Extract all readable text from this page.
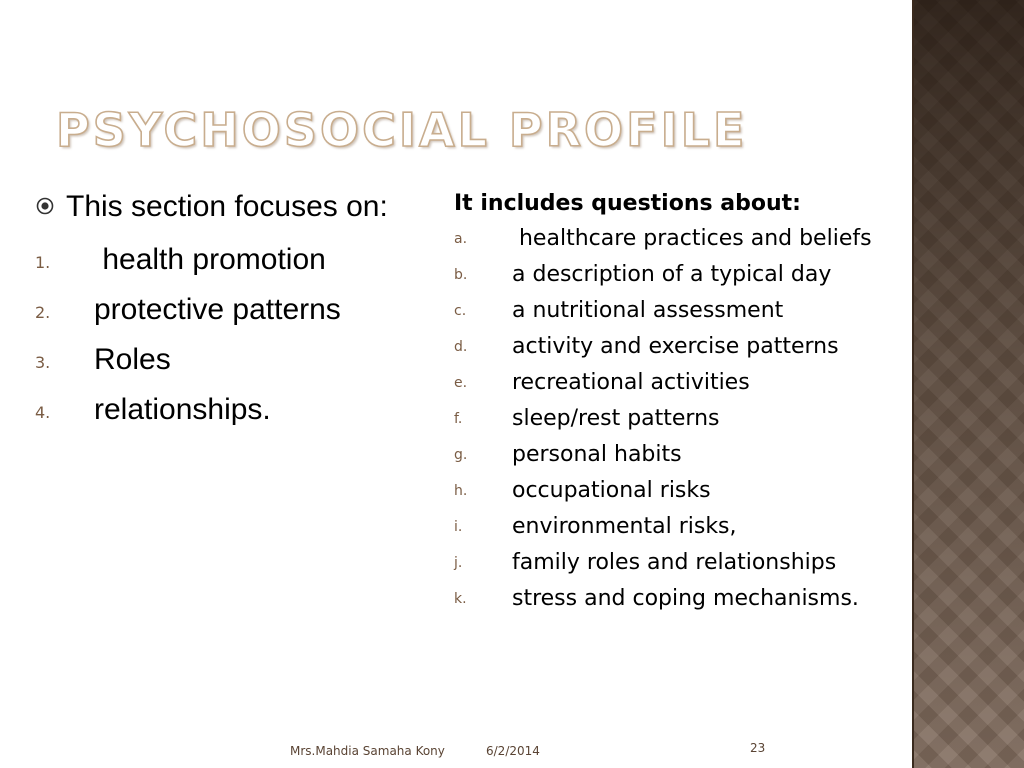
PSYCHOSOCIAL PROFILE
This section focuses on:
1. health promotion
2. protective patterns
3. Roles
4. relationships.
It includes questions about:
a. healthcare practices and beliefs
b. a description of a typical day
c. a nutritional assessment
d. activity and exercise patterns
e. recreational activities
f. sleep/rest patterns
g. personal habits
h. occupational risks
i. environmental risks,
j. family roles and relationships
k. stress and coping mechanisms.
Mrs.Mahdia Samaha Kony	6/2/2014	23
